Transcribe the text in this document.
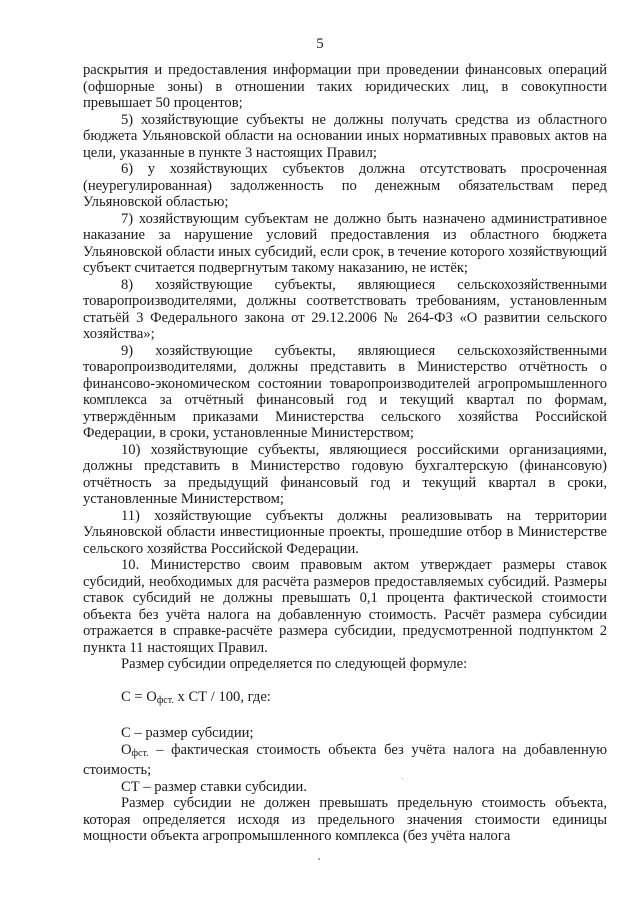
5

раскрытия и предоставления информации при проведении финансовых операций (офшорные зоны) в отношении таких юридических лиц, в совокупности превышает 50 процентов;

5) хозяйствующие субъекты не должны получать средства из областного бюджета Ульяновской области на основании иных нормативных правовых актов на цели, указанные в пункте 3 настоящих Правил;

6) у хозяйствующих субъектов должна отсутствовать просроченная (неурегулированная) задолженность по денежным обязательствам перед Ульяновской областью;

7) хозяйствующим субъектам не должно быть назначено административное наказание за нарушение условий предоставления из областного бюджета Ульяновской области иных субсидий, если срок, в течение которого хозяйствующий субъект считается подвергнутым такому наказанию, не истёк;

8) хозяйствующие субъекты, являющиеся сельскохозяйственными товаропроизводителями, должны соответствовать требованиям, установленным статьёй 3 Федерального закона от 29.12.2006 № 264-ФЗ «О развитии сельского хозяйства»;

9) хозяйствующие субъекты, являющиеся сельскохозяйственными товаропроизводителями, должны представить в Министерство отчётность о финансово-экономическом состоянии товаропроизводителей агропромышленного комплекса за отчётный финансовый год и текущий квартал по формам, утверждённым приказами Министерства сельского хозяйства Российской Федерации, в сроки, установленные Министерством;

10) хозяйствующие субъекты, являющиеся российскими организациями, должны представить в Министерство годовую бухгалтерскую (финансовую) отчётность за предыдущий финансовый год и текущий квартал в сроки, установленные Министерством;

11) хозяйствующие субъекты должны реализовывать на территории Ульяновской области инвестиционные проекты, прошедшие отбор в Министерстве сельского хозяйства Российской Федерации.

10. Министерство своим правовым актом утверждает размеры ставок субсидий, необходимых для расчёта размеров предоставляемых субсидий. Размеры ставок субсидий не должны превышать 0,1 процента фактической стоимости объекта без учёта налога на добавленную стоимость. Расчёт размера субсидии отражается в справке-расчёте размера субсидии, предусмотренной подпунктом 2 пункта 11 настоящих Правил.

Размер субсидии определяется по следующей формуле:

$С = О_{фст.}$ х СТ / 100, где:

С – размер субсидии;

$О_{фст.}$ – фактическая стоимость объекта без учёта налога на добавленную стоимость;

СТ – размер ставки субсидии.

Размер субсидии не должен превышать предельную стоимость объекта, которая определяется исходя из предельного значения стоимости единицы мощности объекта агропромышленного комплекса (без учёта налога
